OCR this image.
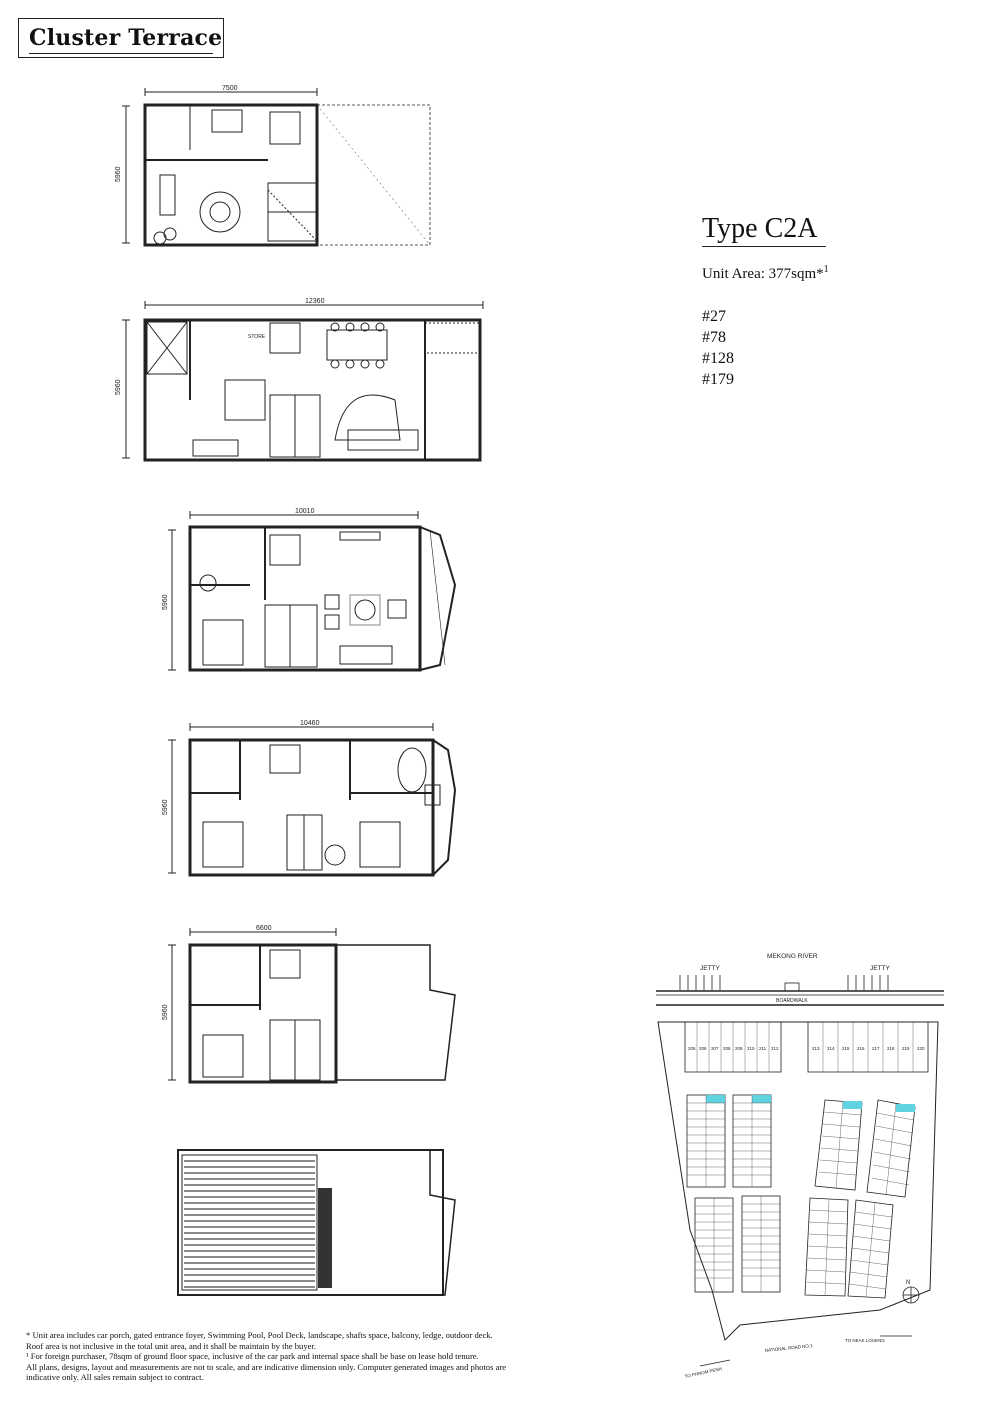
Cluster Terrace
7500
5960
12360
5960
STORE
10010
5960
10460
5960
6600
5960
Type C2A
Unit Area: 377sqm*$^1$
#27
#78
#128
#179
MEKONG RIVER
JETTY	JETTY
BOARDWALK
NATIONAL ROAD NO.1
TO NEAK LOUENG
TO PHNOM PENH
N
205 206 207 208 209 210 211 212	213 214 215 216 217 218 219 220
* Unit area includes car porch, gated entrance foyer, Swimming Pool, Pool Deck, landscape, shafts space, balcony, ledge, outdoor deck.
Roof area is not inclusive in the total unit area, and it shall be maintain by the buyer.
¹ For foreign purchaser, 78sqm of ground floor space, inclusive of the car park and internal space shall be base on lease hold tenure.
All plans, designs, layout and measurements are not to scale, and are indicative dimension only. Computer generated images and photos are
indicative only. All sales remain subject to contract.
